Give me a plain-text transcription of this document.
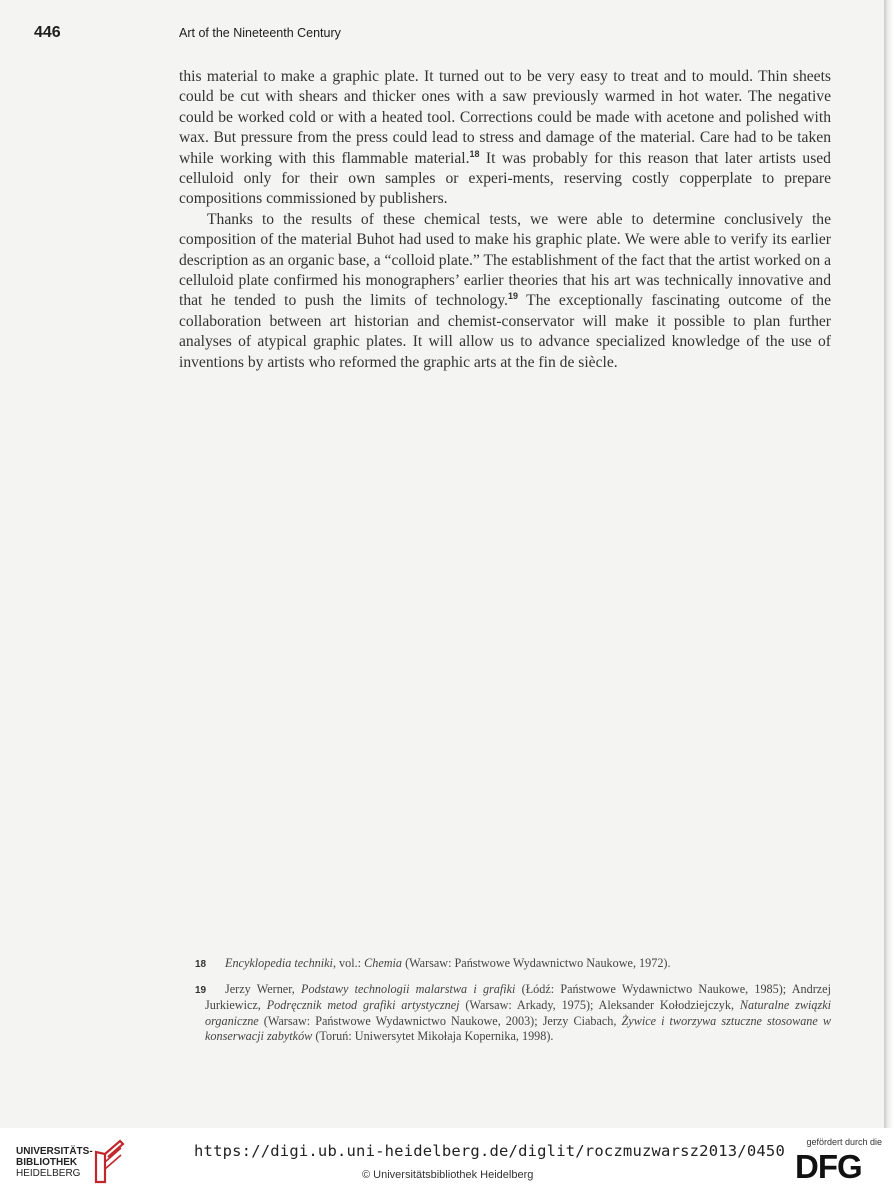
446	Art of the Nineteenth Century

this material to make a graphic plate. It turned out to be very easy to treat and to mould. Thin sheets could be cut with shears and thicker ones with a saw previously warmed in hot water. The negative could be worked cold or with a heated tool. Corrections could be made with acetone and polished with wax. But pressure from the press could lead to stress and damage of the material. Care had to be taken while working with this flammable material.$^{18}$ It was probably for this reason that later artists used celluloid only for their own samples or experi-ments, reserving costly copperplate to prepare compositions commissioned by publishers.

Thanks to the results of these chemical tests, we were able to determine conclusively the composition of the material Buhot had used to make his graphic plate. We were able to verify its earlier description as an organic base, a “colloid plate.” The establishment of the fact that the artist worked on a celluloid plate confirmed his monographers’ earlier theories that his art was technically innovative and that he tended to push the limits of technology.$^{19}$ The exceptionally fascinating outcome of the collaboration between art historian and chemist-conservator will make it possible to plan further analyses of atypical graphic plates. It will allow us to advance specialized knowledge of the use of inventions by artists who reformed the graphic arts at the fin de siècle.

18 Encyklopedia techniki, vol.: Chemia (Warsaw: Państwowe Wydawnictwo Naukowe, 1972).
19 Jerzy Werner, Podstawy technologii malarstwa i grafiki (Łódź: Państwowe Wydawnictwo Naukowe, 1985); Andrzej Jurkiewicz, Podręcznik metod grafiki artystycznej (Warsaw: Arkady, 1975); Aleksander Kołodziejczyk, Naturalne związki organiczne (Warsaw: Państwowe Wydawnictwo Naukowe, 2003); Jerzy Ciabach, Żywice i tworzywa sztuczne stosowane w konserwacji zabytków (Toruń: Uniwersytet Mikołaja Kopernika, 1998).
UNIVERSITÄTS-
BIBLIOTHEK
HEIDELBERG
https://digi.ub.uni-heidelberg.de/diglit/roczmuzwarsz2013/0450
© Universitätsbibliothek Heidelberg
gefördert durch die
DFG
